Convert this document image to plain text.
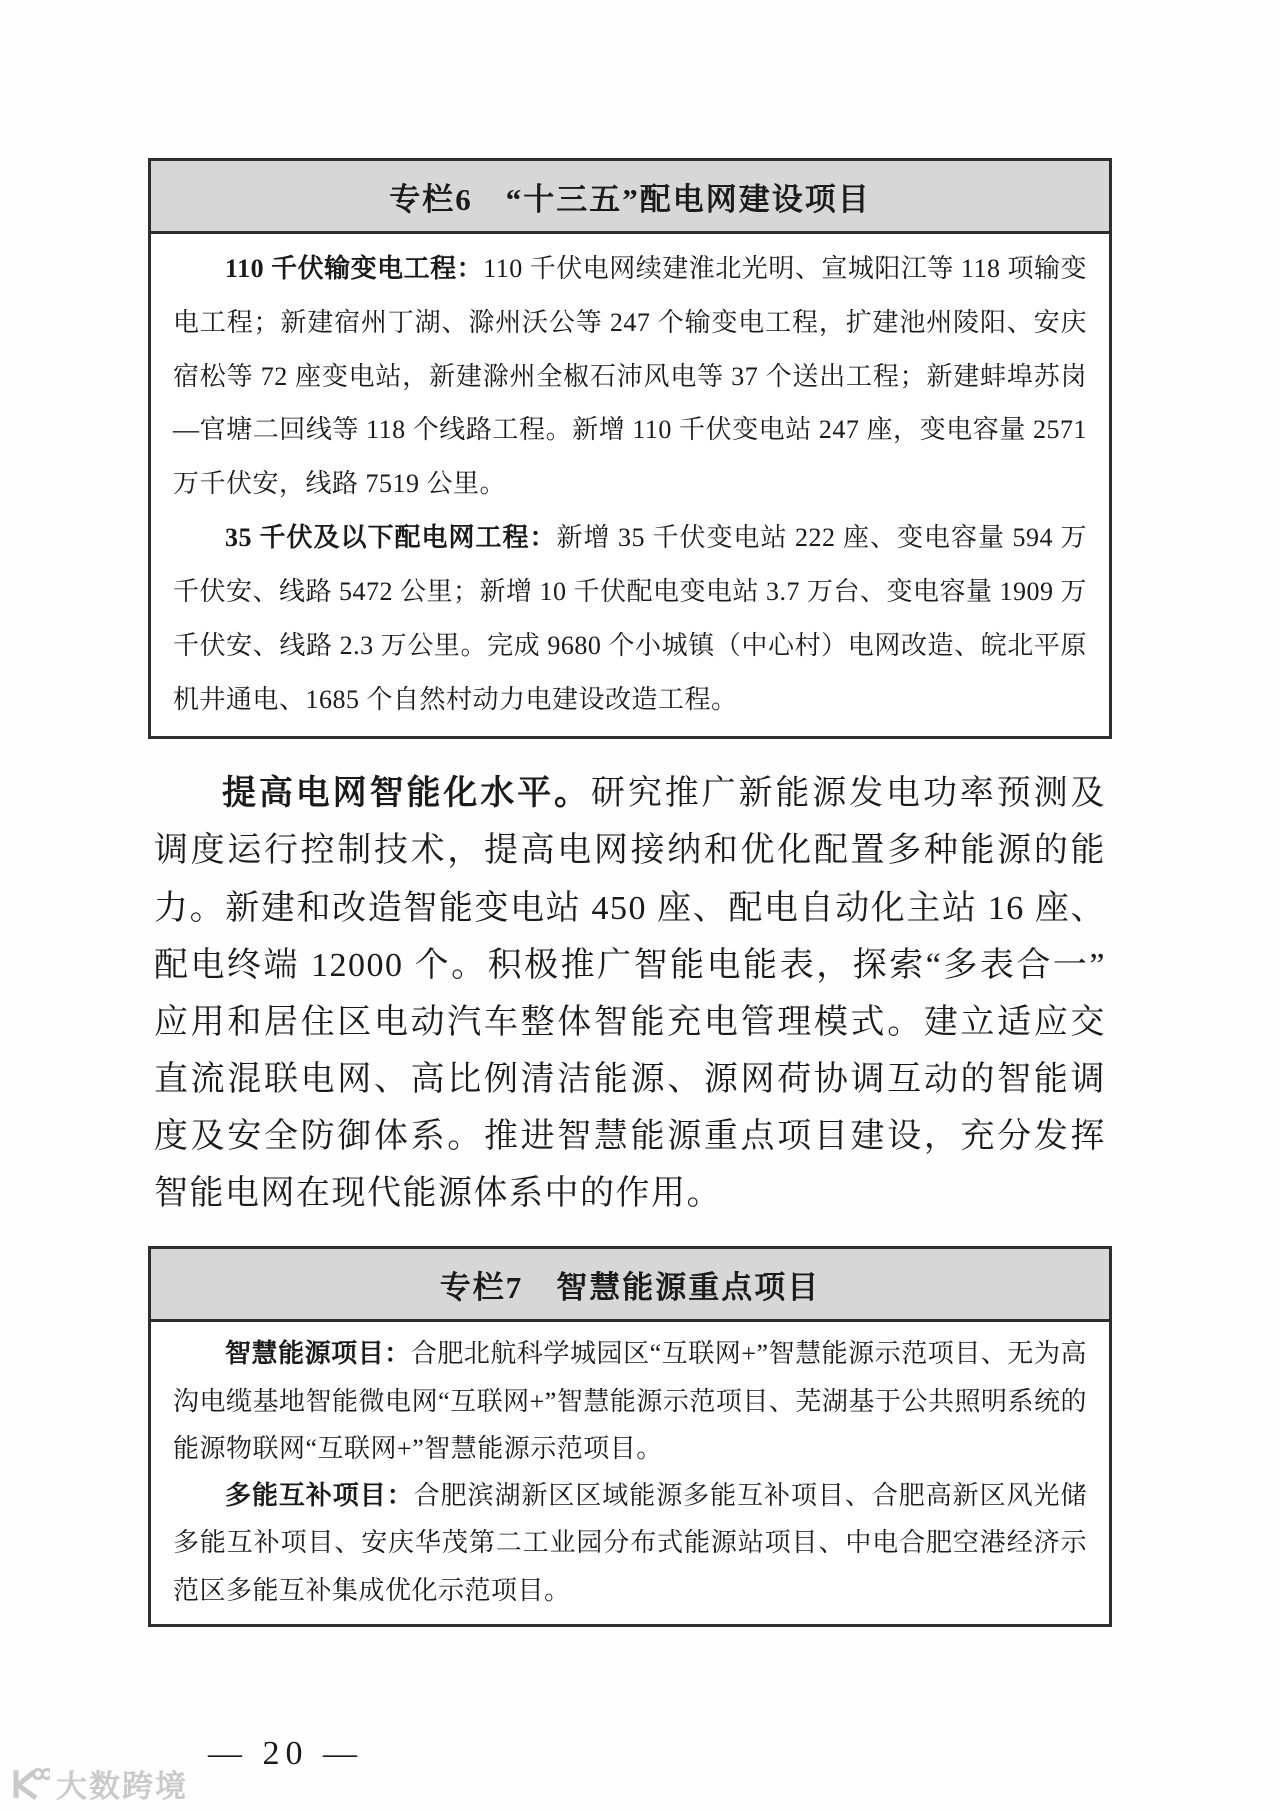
专栏6　“十三五”配电网建设项目

110 千伏输变电工程：110 千伏电网续建淮北光明、宣城阳江等 118 项输变电工程；新建宿州丁湖、滁州沃公等 247 个输变电工程，扩建池州陵阳、安庆宿松等 72 座变电站，新建滁州全椒石沛风电等 37 个送出工程；新建蚌埠苏岗—官塘二回线等 118 个线路工程。新增 110 千伏变电站 247 座，变电容量 2571 万千伏安，线路 7519 公里。

35 千伏及以下配电网工程：新增 35 千伏变电站 222 座、变电容量 594 万千伏安、线路 5472 公里；新增 10 千伏配电变电站 3.7 万台、变电容量 1909 万千伏安、线路 2.3 万公里。完成 9680 个小城镇（中心村）电网改造、皖北平原机井通电、1685 个自然村动力电建设改造工程。

提高电网智能化水平。研究推广新能源发电功率预测及调度运行控制技术，提高电网接纳和优化配置多种能源的能力。新建和改造智能变电站 450 座、配电自动化主站 16 座、配电终端 12000 个。积极推广智能电能表，探索“多表合一”应用和居住区电动汽车整体智能充电管理模式。建立适应交直流混联电网、高比例清洁能源、源网荷协调互动的智能调度及安全防御体系。推进智慧能源重点项目建设，充分发挥智能电网在现代能源体系中的作用。
专栏7　智慧能源重点项目

智慧能源项目：合肥北航科学城园区“互联网+”智慧能源示范项目、无为高沟电缆基地智能微电网“互联网+”智慧能源示范项目、芜湖基于公共照明系统的能源物联网“互联网+”智慧能源示范项目。

多能互补项目：合肥滨湖新区区域能源多能互补项目、合肥高新区风光储多能互补项目、安庆华茂第二工业园分布式能源站项目、中电合肥空港经济示范区多能互补集成优化示范项目。

— 20 —
大数跨境
